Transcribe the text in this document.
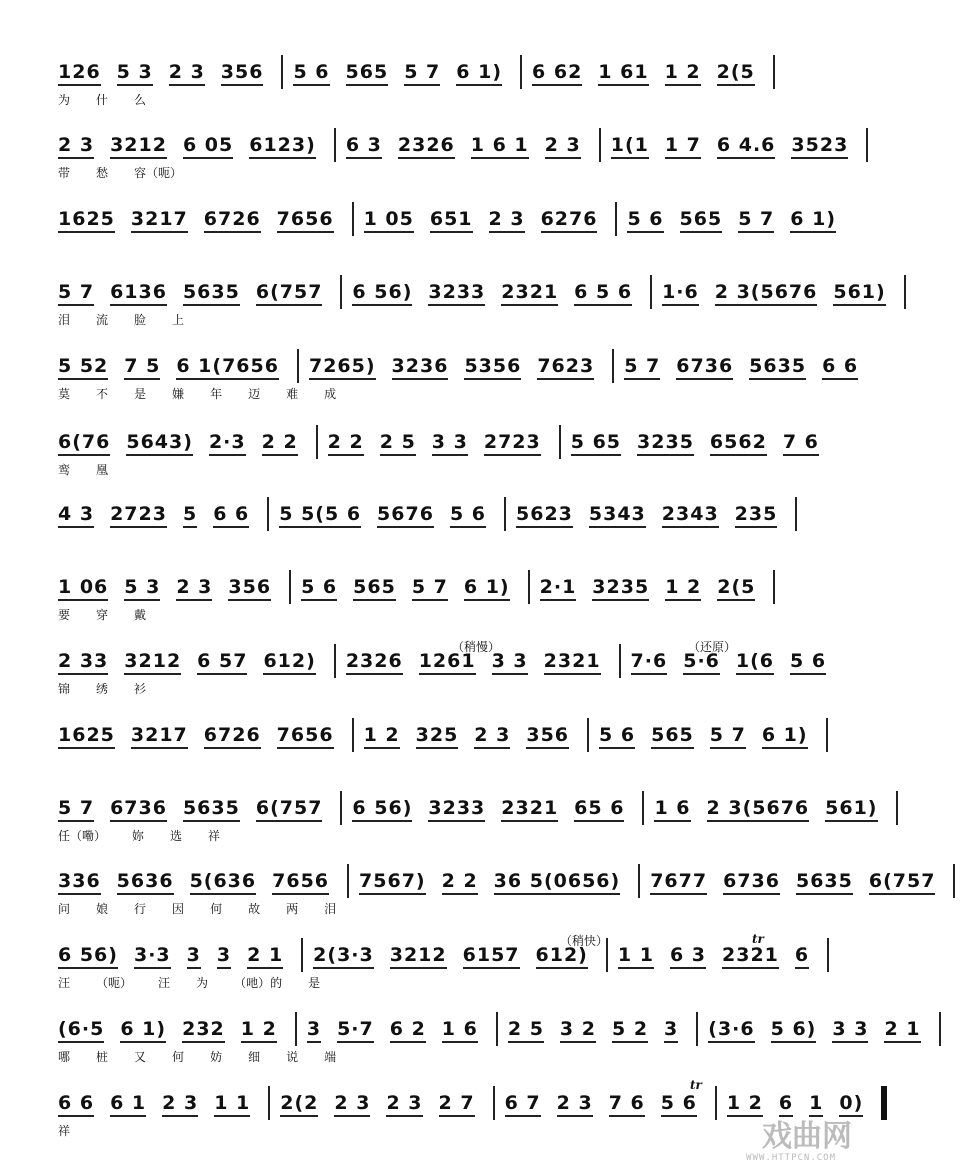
126 5 3 2 3 356 5 6 565 5 7 6 1) 6 62 1 61 1 2 2(5
为 什 么
2 3 3212 6 05 6123) 6 3 2326 1 6 1 2 3 1(1 1 7 6 4.6 3523
带 愁 容（呃）
1625 3217 6726 7656 1 05 651 2 3 6276 5 6 565 5 7 6 1)
5 7 6136 5635 6(757 6 56) 3233 2321 6 5 6 1·6 2 3(5676 561)
泪 流 脸 上
5 52 7 5 6 1(7656 7265) 3236 5356 7623 5 7 6736 5635 6 6
莫 不 是 嫌 年 迈 难 成
6(76 5643) 2·3 2 2 2 2 2 5 3 3 2723 5 65 3235 6562 7 6
鸾 凰
4 3 2723 5 6 6 5 5(5 6 5676 5 6 5623 5343 2343 235
1 06 5 3 2 3 356 5 6 565 5 7 6 1) 2·1 3235 1 2 2(5
要 穿 戴
2 33 3212 6 57 612) 2326 1261 3 3 2321 7·6 5·6 1(6 5 6
锦 绣 衫
1625 3217 6726 7656 1 2 325 2 3 356 5 6 565 5 7 6 1)
5 7 6736 5635 6(757 6 56) 3233 2321 65 6 1 6 2 3(5676 561)
任（嘞） 妳 选 祥
336 5636 5(636 7656 7567) 2 2 36 5(0656) 7677 6736 5635 6(757
问 娘 行 因 何 故 两 泪
6 56) 3·3 3 3 2 1 2(3·3 3212 6157 612) 1 1 6 3 2321 6
汪 （呃） 汪 为 （吔）的 是
(6·5 6 1) 232 1 2 3 5·7 6 2 1 6 2 5 3 2 5 2 3 (3·6 5 6) 3 3 2 1
哪 桩 又 何 妨 细 说 端
6 6 6 1 2 3 1 1 2(2 2 3 2 3 2 7 6 7 2 3 7 6 5 6 1 2 6 1 0)
祥
（稍慢）	（还原）
（稍快）	tr
tr
戏曲网
WWW.HTTPCN.COM
